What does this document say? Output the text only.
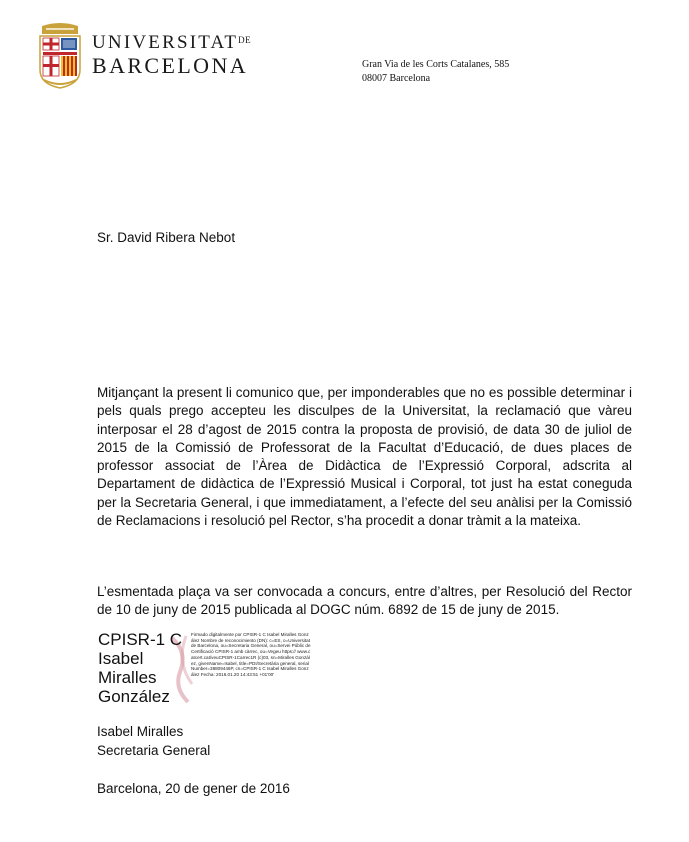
$UNIVERSITAT^{DE}$
BARCELONA	Gran Via de les Corts Catalanes, 585
08007 Barcelona
Sr. David Ribera Nebot
Mitjançant la present li comunico que, per imponderables que no es possible determinar i pels quals prego accepteu les disculpes de la Universitat, la reclamació que vàreu interposar el 28 d’agost de 2015 contra la proposta de provisió, de data 30 de juliol de 2015 de la Comissió de Professorat de la Facultat d’Educació, de dues places de professor associat de l’Àrea de Didàctica de l’Expressió Corporal, adscrita al Departament de didàctica de l’Expressió Musical i Corporal, tot just ha estat coneguda per la Secretaria General, i que immediatament, a l’efecte del seu anàlisi per la Comissió de Reclamacions i resolució pel Rector, s’ha procedit a donar tràmit a la mateixa.
L’esmentada plaça va ser convocada a concurs, entre d’altres, per Resolució del Rector de 10 de juny de 2015 publicada al DOGC núm. 6892 de 15 de juny de 2015.
CPISR-1 C
Isabel
Miralles
González
Firmado digitalmente por CPISR-1 C Isabel Miralles González Nombre de reconocimiento (DN): c=ES, o=Universitat de Barcelona, ou=Secretaria General, ou=Servei Públic de Certificació CPISR-1 amb càrrec, ou=Vegeu https:// www.catcert.cat/veuCPISR-1Carrec1R (c)03, sn=Miralles González, givenName=Isabel, title=PDI/Secretària general, serialNumber=38809446P, cn=CPISR-1 C Isabel Miralles González Fecha: 2016.01.20 14:43:51 +01'00'
Isabel Miralles
Secretaria General
Barcelona, 20 de gener de 2016
